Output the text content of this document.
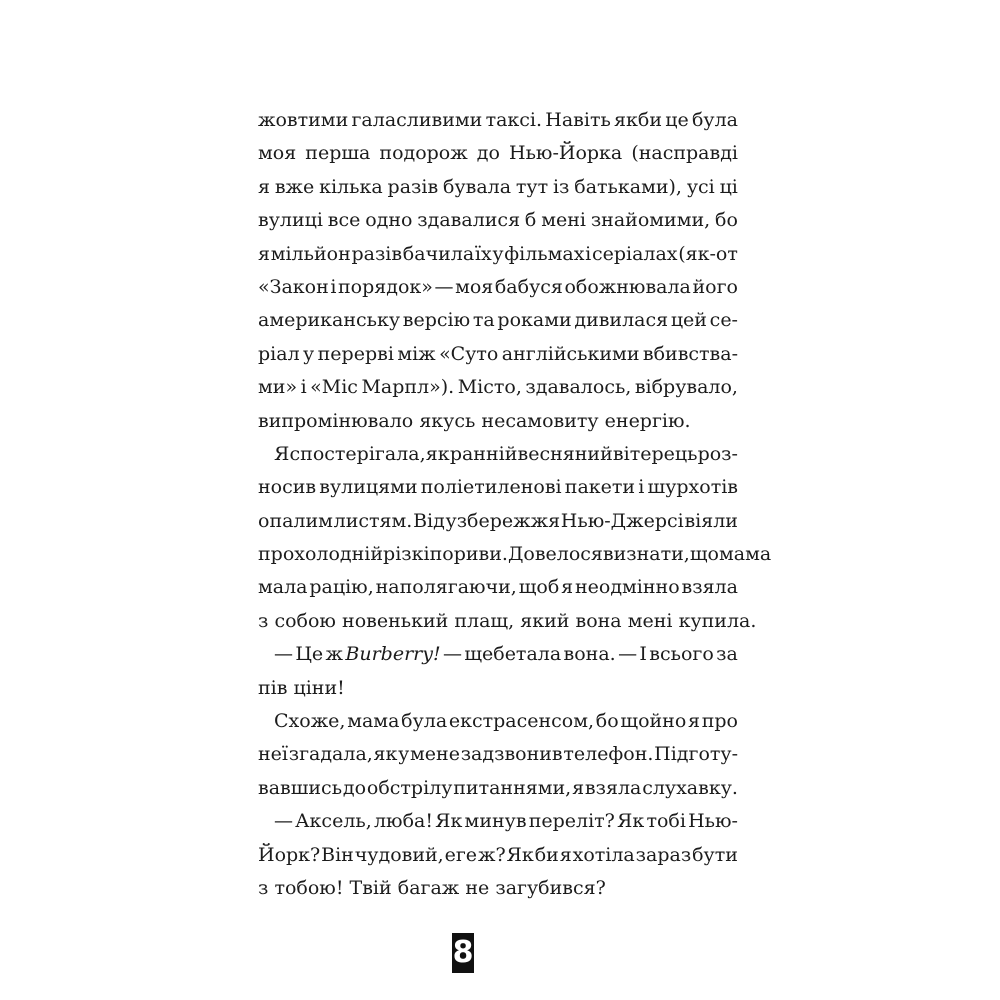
жовтими галасливими таксі. Навіть якби це була
моя перша подорож до Нью-Йорка (насправді
я вже кілька разів бувала тут із батьками), усі ці
вулиці все одно здавалися б мені знайомими, бо
я мільйон разів бачила їх у фільмах і серіалах (як-от
«Закон і порядок» — моя бабуся обожнювала його
американську версію та роками дивилася цей се-
ріал у перерві між «Суто англійськими вбивства-
ми» і «Міс Марпл»). Місто, здавалось, вібрувало,
випромінювало якусь несамовиту енергію.
Я спостерігала, як ранній весняний вітерець роз-
носив вулицями поліетиленові пакети і шурхотів
опалим листям. Від узбережжя Нью-Джерсі віяли
прохолодні й різкі пориви. Довелося визнати, що мама
мала рацію, наполягаючи, щоб я неодмінно взяла
з собою новенький плащ, який вона мені купила.
— Це ж Burberry! — щебетала вона. — І всього за
пів ціни!
Схоже, мама була екстрасенсом, бо щойно я про
неї згадала, як у мене задзвонив телефон. Підготу-
вавшись до обстрілу питаннями, я взяла слухавку.
— Аксель, люба! Як минув переліт? Як тобі Нью-
Йорк? Він чудовий, еге ж? Як би я хотіла зараз бути
з тобою! Твій багаж не загубився?
8
